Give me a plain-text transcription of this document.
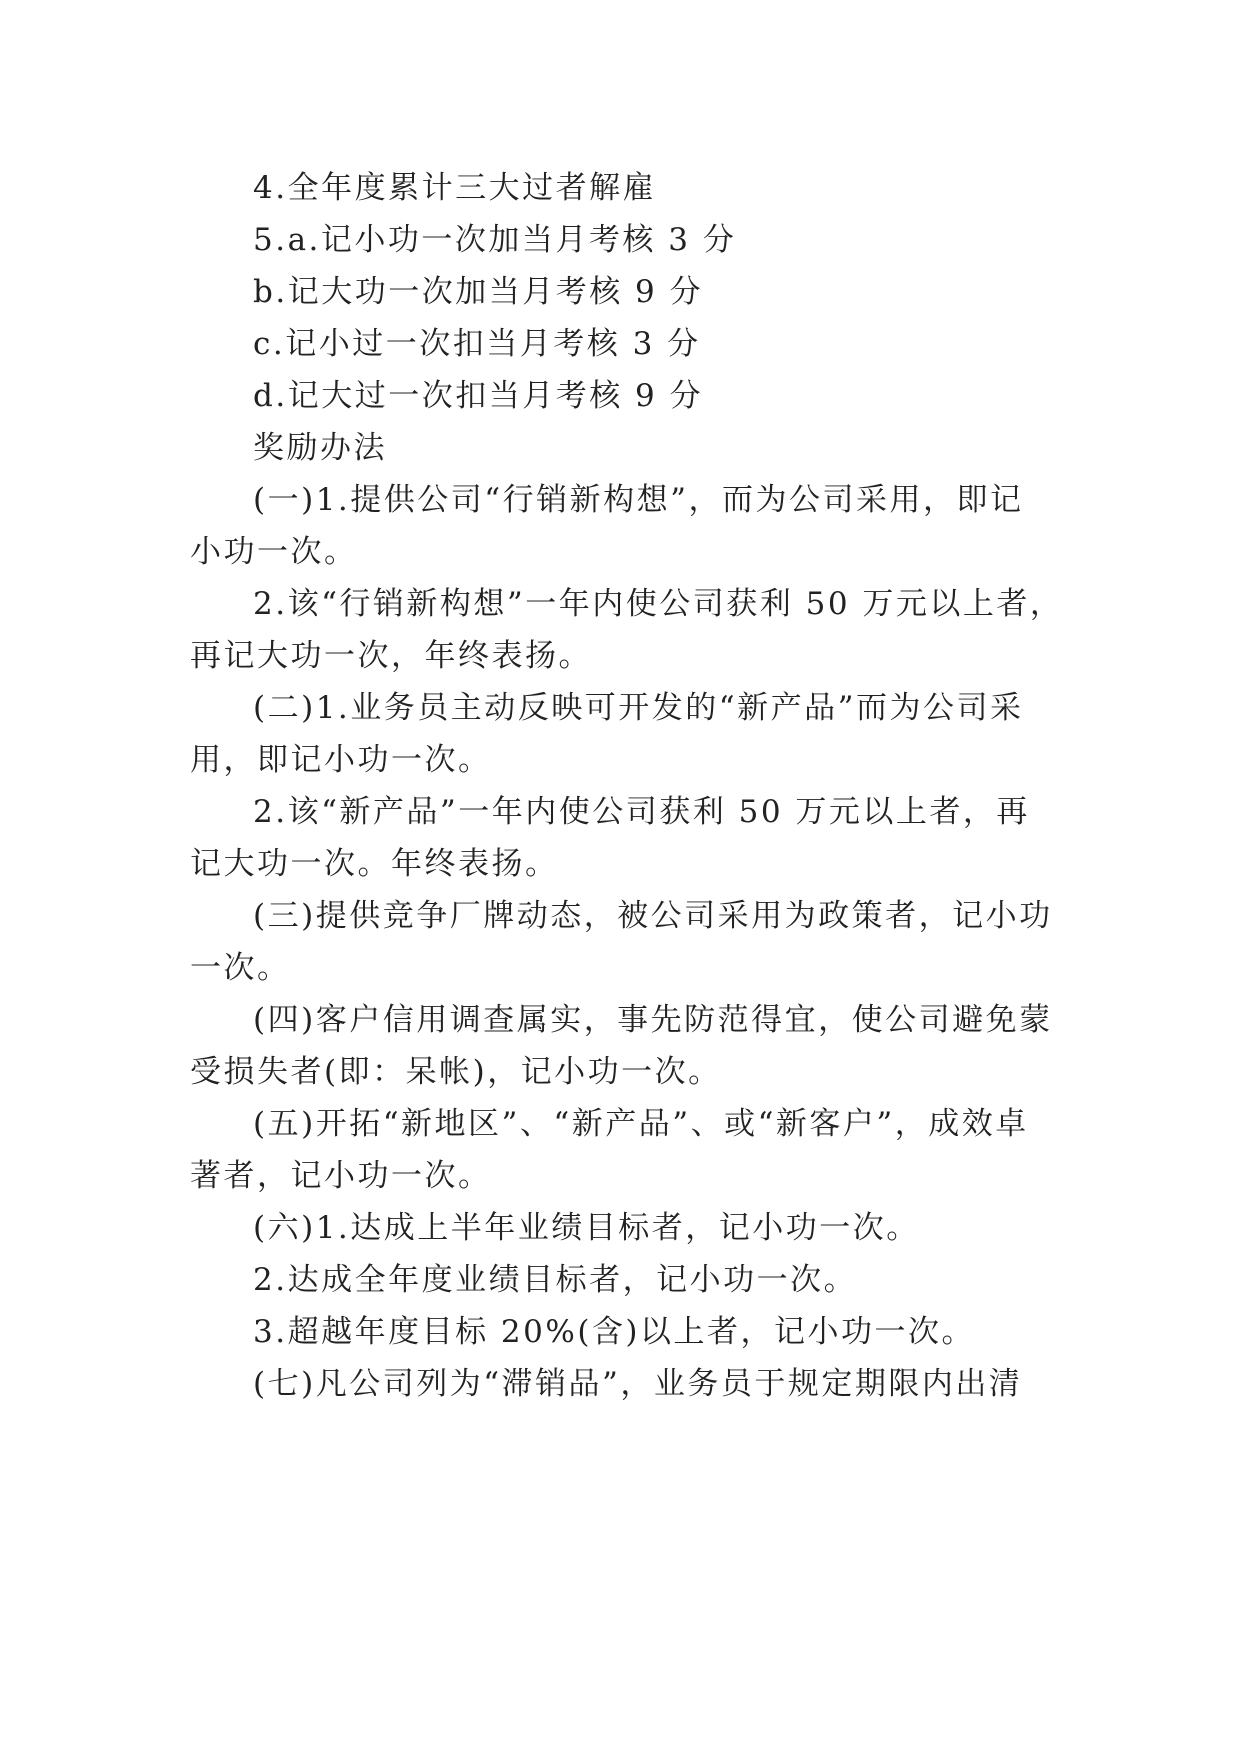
4.全年度累计三大过者解雇

5.a.记小功一次加当月考核 3 分

b.记大功一次加当月考核 9 分

c.记小过一次扣当月考核 3 分

d.记大过一次扣当月考核 9 分

奖励办法

(一)1.提供公司“行销新构想”，而为公司采用，即记

小功一次。

2.该“行销新构想”一年内使公司获利 50 万元以上者，

再记大功一次，年终表扬。

(二)1.业务员主动反映可开发的“新产品”而为公司采

用，即记小功一次。

2.该“新产品”一年内使公司获利 50 万元以上者，再

记大功一次。年终表扬。

(三)提供竞争厂牌动态，被公司采用为政策者，记小功

一次。

(四)客户信用调查属实，事先防范得宜，使公司避免蒙

受损失者(即：呆帐)，记小功一次。

(五)开拓“新地区”、“新产品”、或“新客户”，成效卓

著者，记小功一次。

(六)1.达成上半年业绩目标者，记小功一次。

2.达成全年度业绩目标者，记小功一次。

3.超越年度目标 20%(含)以上者，记小功一次。

(七)凡公司列为“滞销品”，业务员于规定期限内出清
